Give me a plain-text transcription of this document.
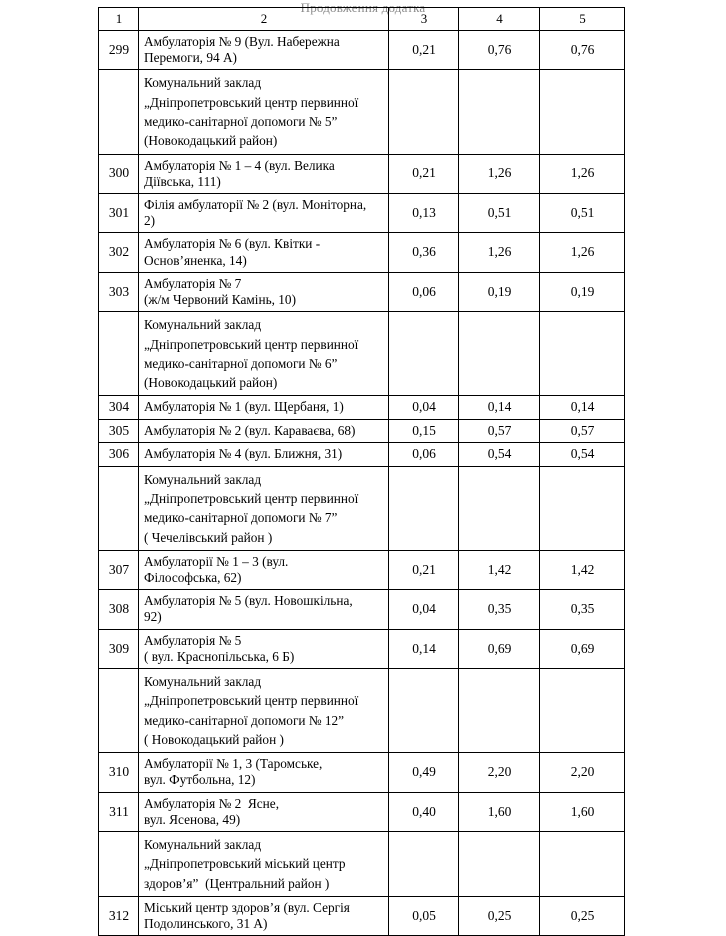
Продовження додатка
1	2	3	4	5
299	Амбулаторія № 9 (Вул. Набережна
Перемоги, 94 А)	0,21	0,76	0,76

	Комунальний заклад
„Дніпропетровський центр первинної
медико-санітарної допомоги № 5”
(Новокодацький район)			

300	Амбулаторія № 1 – 4 (вул. Велика
Діївська, 111)	0,21	1,26	1,26
301	Філія амбулаторії № 2 (вул. Моніторна,
2)	0,13	0,51	0,51
302	Амбулаторія № 6 (вул. Квітки -
Основ’яненка, 14)	0,36	1,26	1,26
303	Амбулаторія № 7
(ж/м Червоний Камінь, 10)	0,06	0,19	0,19

	Комунальний заклад
„Дніпропетровський центр первинної
медико-санітарної допомоги № 6”
(Новокодацький район)			

304	Амбулаторія № 1 (вул. Щербаня, 1)	0,04	0,14	0,14
305	Амбулаторія № 2 (вул. Караваєва, 68)	0,15	0,57	0,57
306	Амбулаторія № 4 (вул. Ближня, 31)	0,06	0,54	0,54

	Комунальний заклад
„Дніпропетровський центр первинної
медико-санітарної допомоги № 7”
( Чечелівський район )			

307	Амбулаторії № 1 – 3 (вул.
Філософська, 62)	0,21	1,42	1,42
308	Амбулаторія № 5 (вул. Новошкільна,
92)	0,04	0,35	0,35
309	Амбулаторія № 5
( вул. Краснопільська, 6 Б)	0,14	0,69	0,69

	Комунальний заклад
„Дніпропетровський центр первинної
медико-санітарної допомоги № 12”
( Новокодацький район )			

310	Амбулаторії № 1, 3 (Таромське,
вул. Футбольна, 12)	0,49	2,20	2,20
311	Амбулаторія № 2  Ясне,
вул. Ясенова, 49)	0,40	1,60	1,60

	Комунальний заклад
„Дніпропетровський міський центр
здоров’я”  (Центральний район )			

312	Міський центр здоров’я (вул. Сергія
Подолинського, 31 А)	0,05	0,25	0,25
